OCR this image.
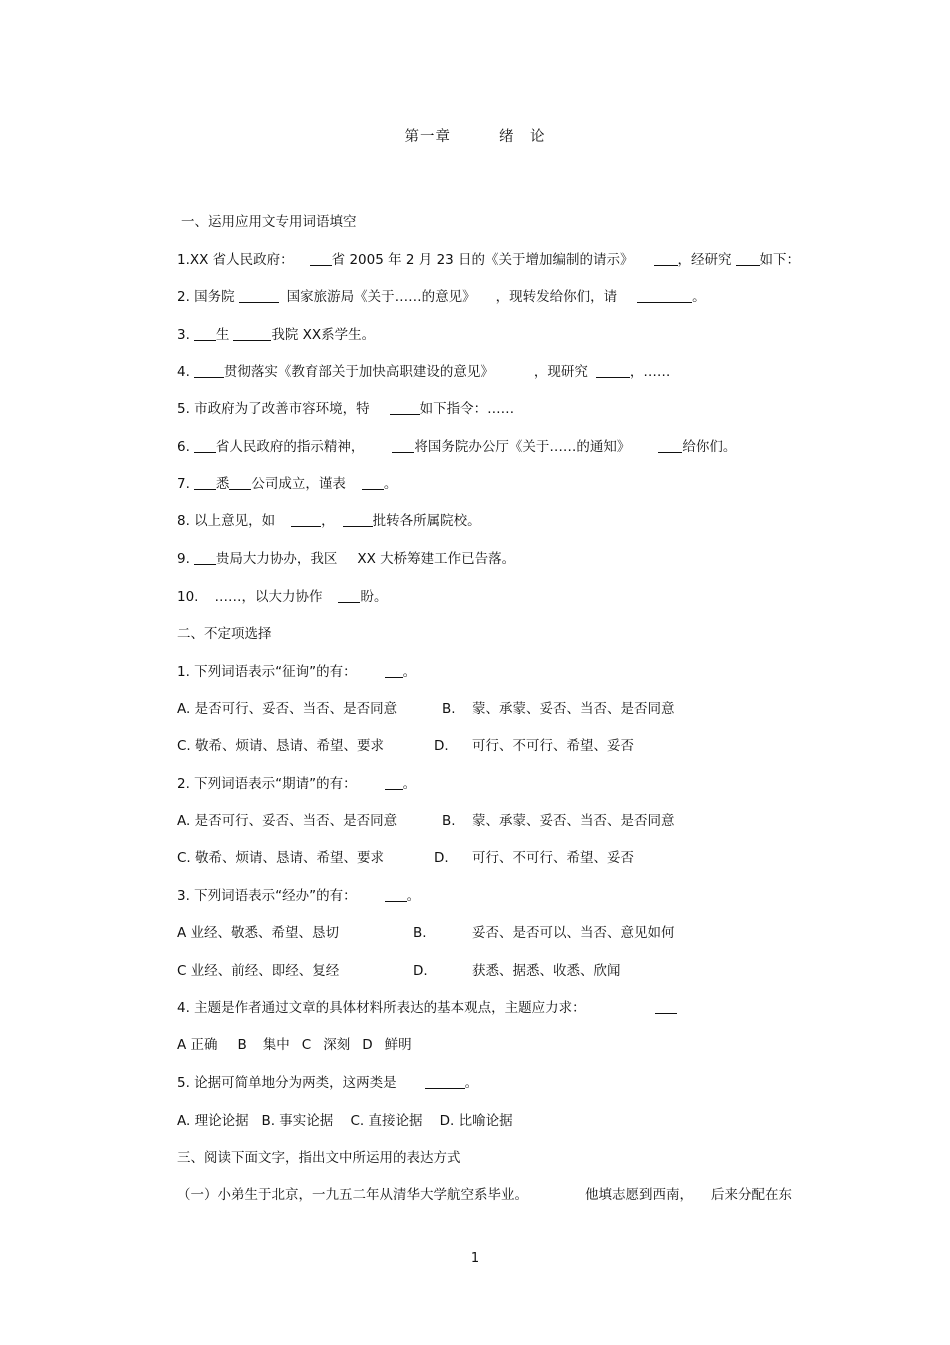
第一章	绪　论
一、运用应用文专用词语填空
1.XX 省人民政府：	省 2005 年 2 月 23 日的《关于增加编制的请示》	，经研究 如下：
2. 国务院	国家旅游局《关于……的意见》 ，现转发给你们，请	。
3. 生	我院 XX系学生。
4.	贯彻落实《教育部关于加快高职建设的意见》	，现研究	，……
5. 市政府为了改善市容环境，特	如下指令：……
6. 省人民政府的指示精神，	将国务院办公厅《关于……的通知》	给你们。
7. 悉 公司成立，谨表	。
8. 以上意见，如	，	批转各所属院校。
9. 贵局大力协办，我区 XX 大桥筹建工作已告落。
10. ……，以大力协作	盼。
二、不定项选择
1. 下列词语表示“征询”的有：	。
A. 是否可行、妥否、当否、是否同意	B. 蒙、承蒙、妥否、当否、是否同意
C. 敬希、烦请、恳请、希望、要求	D. 可行、不可行、希望、妥否
2. 下列词语表示“期请”的有：	。
A. 是否可行、妥否、当否、是否同意	B. 蒙、承蒙、妥否、当否、是否同意
C. 敬希、烦请、恳请、希望、要求	D. 可行、不可行、希望、妥否
3. 下列词语表示“经办”的有：	。
A 业经、敬悉、希望、恳切	B.	妥否、是否可以、当否、意见如何
C 业经、前经、即经、复经	D.	获悉、据悉、收悉、欣闻
4. 主题是作者通过文章的具体材料所表达的基本观点，主题应力求：
A 正确 B 集中 C 深刻 D 鲜明
5. 论据可简单地分为两类，这两类是	。
A. 理论论据   B. 事实论据    C. 直接论据    D. 比喻论据
三、阅读下面文字，指出文中所运用的表达方式
（一）小弟生于北京，一九五二年从清华大学航空系毕业。	他填志愿到西南， 后来分配在东
1
